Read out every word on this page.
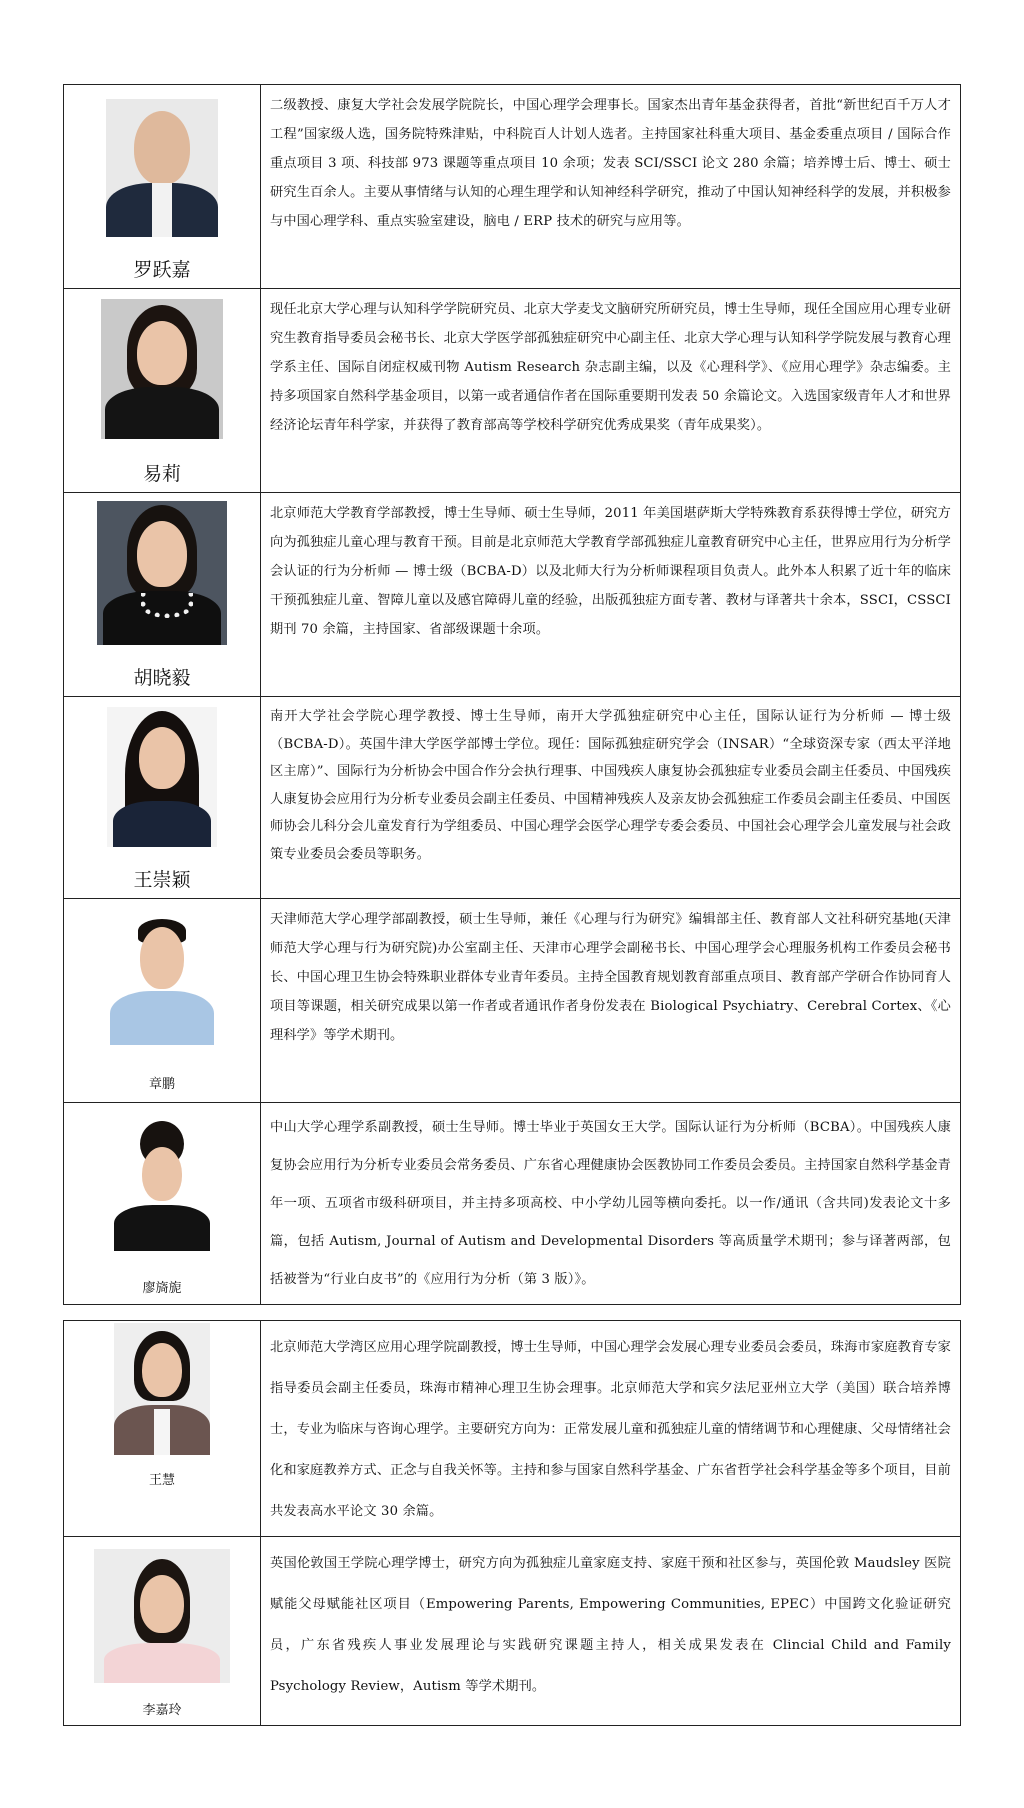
罗跃嘉	二级教授、康复大学社会发展学院院长，中国心理学会理事长。国家杰出青年基金获得者，首批“新世纪百千万人才工程”国家级人选，国务院特殊津贴，中科院百人计划人选者。主持国家社科重大项目、基金委重点项目 / 国际合作重点项目 3 项、科技部 973 课题等重点项目 10 余项；发表 SCI/SSCI 论文 280 余篇；培养博士后、博士、硕士研究生百余人。主要从事情绪与认知的心理生理学和认知神经科学研究，推动了中国认知神经科学的发展，并积极参与中国心理学科、重点实验室建设，脑电 / ERP 技术的研究与应用等。

易莉	现任北京大学心理与认知科学学院研究员、北京大学麦戈文脑研究所研究员，博士生导师，现任全国应用心理专业研究生教育指导委员会秘书长、北京大学医学部孤独症研究中心副主任、北京大学心理与认知科学学院发展与教育心理学系主任、国际自闭症权威刊物 Autism Research 杂志副主编，以及《心理科学》、《应用心理学》杂志编委。主持多项国家自然科学基金项目，以第一或者通信作者在国际重要期刊发表 50 余篇论文。入选国家级青年人才和世界经济论坛青年科学家，并获得了教育部高等学校科学研究优秀成果奖（青年成果奖）。

胡晓毅	北京师范大学教育学部教授，博士生导师、硕士生导师，2011 年美国堪萨斯大学特殊教育系获得博士学位，研究方向为孤独症儿童心理与教育干预。目前是北京师范大学教育学部孤独症儿童教育研究中心主任，世界应用行为分析学会认证的行为分析师 — 博士级（BCBA-D）以及北师大行为分析师课程项目负责人。此外本人积累了近十年的临床干预孤独症儿童、智障儿童以及感官障碍儿童的经验，出版孤独症方面专著、教材与译著共十余本，SSCI，CSSCI 期刊 70 余篇，主持国家、省部级课题十余项。

王崇颖	南开大学社会学院心理学教授、博士生导师，南开大学孤独症研究中心主任，国际认证行为分析师 — 博士级（BCBA-D）。英国牛津大学医学部博士学位。现任：国际孤独症研究学会（INSAR）“全球资深专家（西太平洋地区主席）”、国际行为分析协会中国合作分会执行理事、中国残疾人康复协会孤独症专业委员会副主任委员、中国残疾人康复协会应用行为分析专业委员会副主任委员、中国精神残疾人及亲友协会孤独症工作委员会副主任委员、中国医师协会儿科分会儿童发育行为学组委员、中国心理学会医学心理学专委会委员、中国社会心理学会儿童发展与社会政策专业委员会委员等职务。

章鹏	天津师范大学心理学部副教授，硕士生导师，兼任《心理与行为研究》编辑部主任、教育部人文社科研究基地(天津师范大学心理与行为研究院)办公室副主任、天津市心理学会副秘书长、中国心理学会心理服务机构工作委员会秘书长、中国心理卫生协会特殊职业群体专业青年委员。主持全国教育规划教育部重点项目、教育部产学研合作协同育人项目等课题，相关研究成果以第一作者或者通讯作者身份发表在 Biological Psychiatry、Cerebral Cortex、《心理科学》等学术期刊。

廖旖旎	中山大学心理学系副教授，硕士生导师。博士毕业于英国女王大学。国际认证行为分析师（BCBA）。中国残疾人康复协会应用行为分析专业委员会常务委员、广东省心理健康协会医教协同工作委员会委员。主持国家自然科学基金青年一项、五项省市级科研项目，并主持多项高校、中小学幼儿园等横向委托。以一作/通讯（含共同)发表论文十多篇，包括 Autism, Journal of Autism and Developmental Disorders 等高质量学术期刊；参与译著两部，包括被誉为“行业白皮书”的《应用行为分析（第 3 版）》。

王慧	北京师范大学湾区应用心理学院副教授，博士生导师，中国心理学会发展心理专业委员会委员，珠海市家庭教育专家指导委员会副主任委员，珠海市精神心理卫生协会理事。北京师范大学和宾夕法尼亚州立大学（美国）联合培养博士，专业为临床与咨询心理学。主要研究方向为：正常发展儿童和孤独症儿童的情绪调节和心理健康、父母情绪社会化和家庭教养方式、正念与自我关怀等。主持和参与国家自然科学基金、广东省哲学社会科学基金等多个项目，目前共发表高水平论文 30 余篇。

李嘉玲	英国伦敦国王学院心理学博士，研究方向为孤独症儿童家庭支持、家庭干预和社区参与，英国伦敦 Maudsley 医院赋能父母赋能社区项目（Empowering Parents, Empowering Communities, EPEC）中国跨文化验证研究员，广东省残疾人事业发展理论与实践研究课题主持人，相关成果发表在 Clincial Child and Family Psychology Review，Autism 等学术期刊。
